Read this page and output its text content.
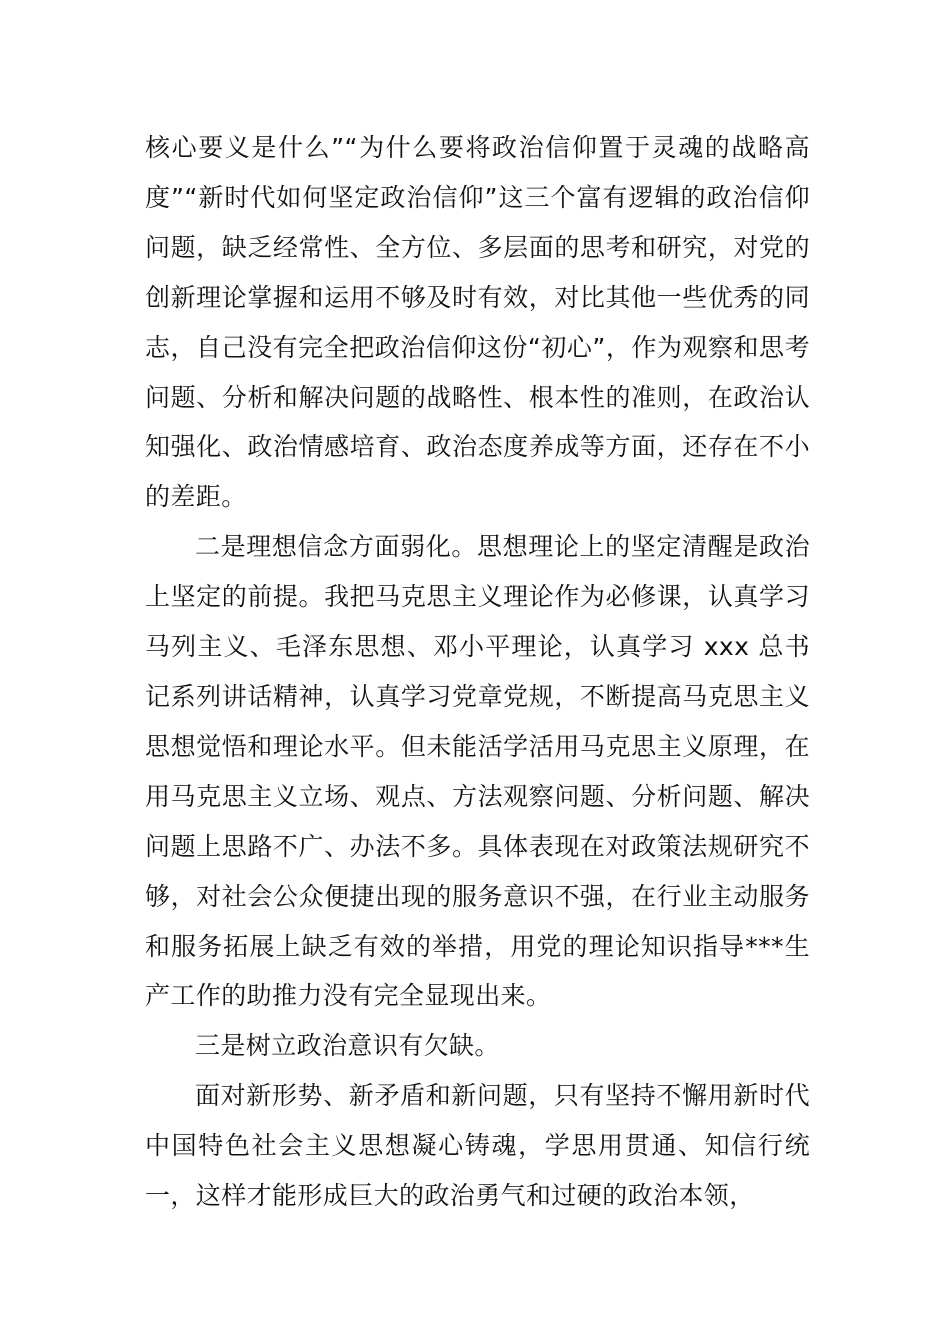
核心要义是什么”“为什么要将政治信仰置于灵魂的战略高度”“新时代如何坚定政治信仰”这三个富有逻辑的政治信仰问题，缺乏经常性、全方位、多层面的思考和研究，对党的创新理论掌握和运用不够及时有效，对比其他一些优秀的同志，自己没有完全把政治信仰这份“初心”，作为观察和思考问题、分析和解决问题的战略性、根本性的准则，在政治认知强化、政治情感培育、政治态度养成等方面，还存在不小的差距。

二是理想信念方面弱化。思想理论上的坚定清醒是政治上坚定的前提。我把马克思主义理论作为必修课，认真学习马列主义、毛泽东思想、邓小平理论，认真学习 xxx 总书记系列讲话精神，认真学习党章党规，不断提高马克思主义思想觉悟和理论水平。但未能活学活用马克思主义原理，在用马克思主义立场、观点、方法观察问题、分析问题、解决问题上思路不广、办法不多。具体表现在对政策法规研究不够，对社会公众便捷出现的服务意识不强，在行业主动服务和服务拓展上缺乏有效的举措，用党的理论知识指导***生产工作的助推力没有完全显现出来。

三是树立政治意识有欠缺。

面对新形势、新矛盾和新问题，只有坚持不懈用新时代中国特色社会主义思想凝心铸魂，学思用贯通、知信行统一，这样才能形成巨大的政治勇气和过硬的政治本领，
